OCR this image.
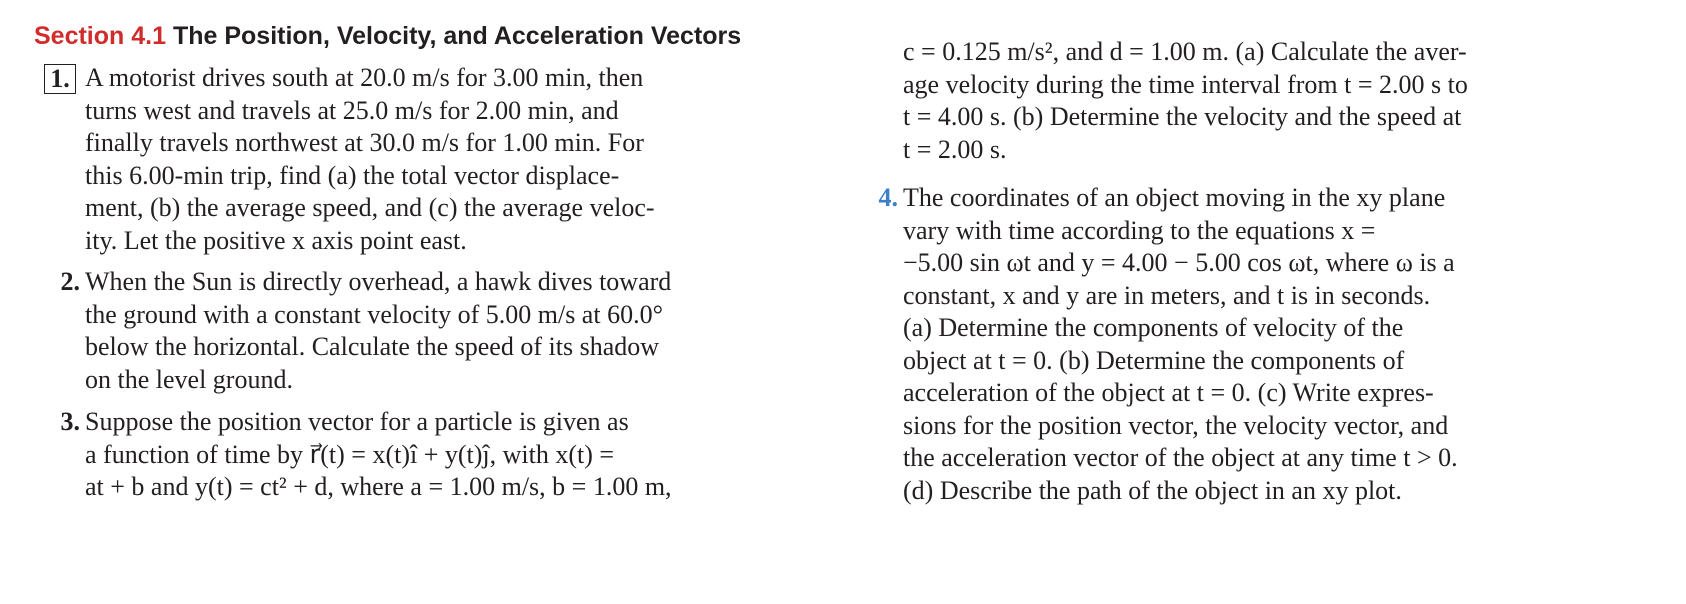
Section 4.1 The Position, Velocity, and Acceleration Vectors
1. A motorist drives south at 20.0 m/s for 3.00 min, then
turns west and travels at 25.0 m/s for 2.00 min, and
finally travels northwest at 30.0 m/s for 1.00 min. For
this 6.00-min trip, find (a) the total vector displace-
ment, (b) the average speed, and (c) the average veloc-
ity. Let the positive x axis point east.
2. When the Sun is directly overhead, a hawk dives toward
the ground with a constant velocity of 5.00 m/s at 60.0°
below the horizontal. Calculate the speed of its shadow
on the level ground.
3. Suppose the position vector for a particle is given as
a function of time by r⃗(t) = x(t)î + y(t)ĵ, with x(t) =
at + b and y(t) = ct² + d, where a = 1.00 m/s, b = 1.00 m,
c = 0.125 m/s², and d = 1.00 m. (a) Calculate the aver-
age velocity during the time interval from t = 2.00 s to
t = 4.00 s. (b) Determine the velocity and the speed at
t = 2.00 s.
4. The coordinates of an object moving in the xy plane
vary with time according to the equations x =
−5.00 sin ωt and y = 4.00 − 5.00 cos ωt, where ω is a
constant, x and y are in meters, and t is in seconds.
(a) Determine the components of velocity of the
object at t = 0. (b) Determine the components of
acceleration of the object at t = 0. (c) Write expres-
sions for the position vector, the velocity vector, and
the acceleration vector of the object at any time t > 0.
(d) Describe the path of the object in an xy plot.
